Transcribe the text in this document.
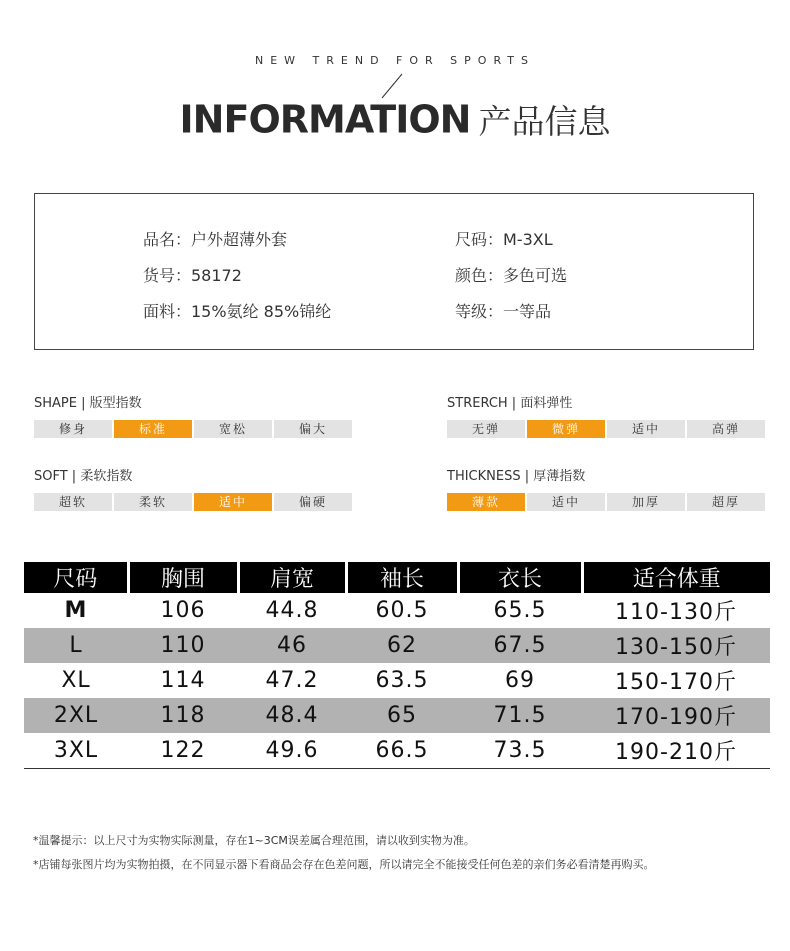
NEW TREND FOR SPORTS
INFORMATION 产品信息
品名：户外超薄外套
货号：58172
面料：15%氨纶 85%锦纶
尺码：M-3XL
颜色：多色可选
等级：一等品
SHAPE | 版型指数
修身	标准	宽松	偏大
STRERCH | 面料弹性
无弹	微弹	适中	高弹
SOFT | 柔软指数
超软	柔软	适中	偏硬
THICKNESS | 厚薄指数
薄款	适中	加厚	超厚
尺码	胸围	肩宽	袖长	衣长	适合体重
M	106	44.8	60.5	65.5	110-130斤
L	110	46	62	67.5	130-150斤
XL	114	47.2	63.5	69	150-170斤
2XL	118	48.4	65	71.5	170-190斤
3XL	122	49.6	66.5	73.5	190-210斤
*温馨提示：以上尺寸为实物实际测量，存在1~3CM误差属合理范围，请以收到实物为准。
*店铺每张图片均为实物拍摄，在不同显示器下看商品会存在色差问题，所以请完全不能接受任何色差的亲们务必看清楚再购买。
